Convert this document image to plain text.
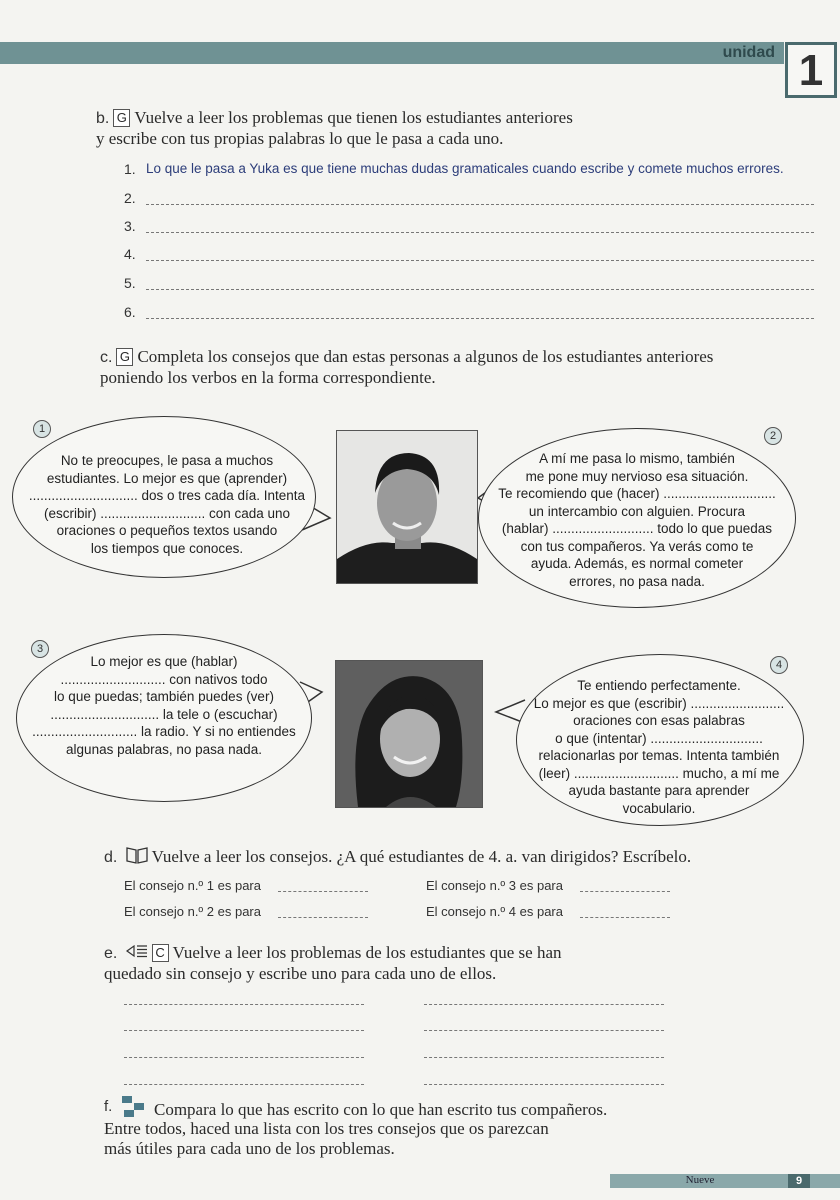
unidad 1
b. G Vuelve a leer los problemas que tienen los estudiantes anteriores
y escribe con tus propias palabras lo que le pasa a cada uno.
1. Lo que le pasa a Yuka es que tiene muchas dudas gramaticales cuando escribe y comete muchos errores.
2.
3.
4.
5.
6.
c. G Completa los consejos que dan estas personas a algunos de los estudiantes anteriores
poniendo los verbos en la forma correspondiente.
1
No te preocupes, le pasa a muchos
estudiantes. Lo mejor es que (aprender)
............................. dos o tres cada día. Intenta
(escribir) ............................ con cada uno
oraciones o pequeños textos usando
los tiempos que conoces.
2
A mí me pasa lo mismo, también
me pone muy nervioso esa situación.
Te recomiendo que (hacer) ..............................
un intercambio con alguien. Procura
(hablar) ........................... todo lo que puedas
con tus compañeros. Ya verás como te
ayuda. Además, es normal cometer
errores, no pasa nada.
3
Lo mejor es que (hablar)
............................ con nativos todo
lo que puedas; también puedes (ver)
............................. la tele o (escuchar)
............................ la radio. Y si no entiendes
algunas palabras, no pasa nada.
4
Te entiendo perfectamente.
Lo mejor es que (escribir) .........................
oraciones con esas palabras
o que (intentar) ..............................
relacionarlas por temas. Intenta también
(leer) ............................ mucho, a mí me
ayuda bastante para aprender
vocabulario.
d. Vuelve a leer los consejos. ¿A qué estudiantes de 4. a. van dirigidos? Escríbelo.
El consejo n.º 1 es para	El consejo n.º 3 es para
El consejo n.º 2 es para	El consejo n.º 4 es para
e.	C Vuelve a leer los problemas de los estudiantes que se han
quedado sin consejo y escribe uno para cada uno de ellos.
f.	Compara lo que has escrito con lo que han escrito tus compañeros.
Entre todos, haced una lista con los tres consejos que os parezcan
más útiles para cada uno de los problemas.
Nueve	9
